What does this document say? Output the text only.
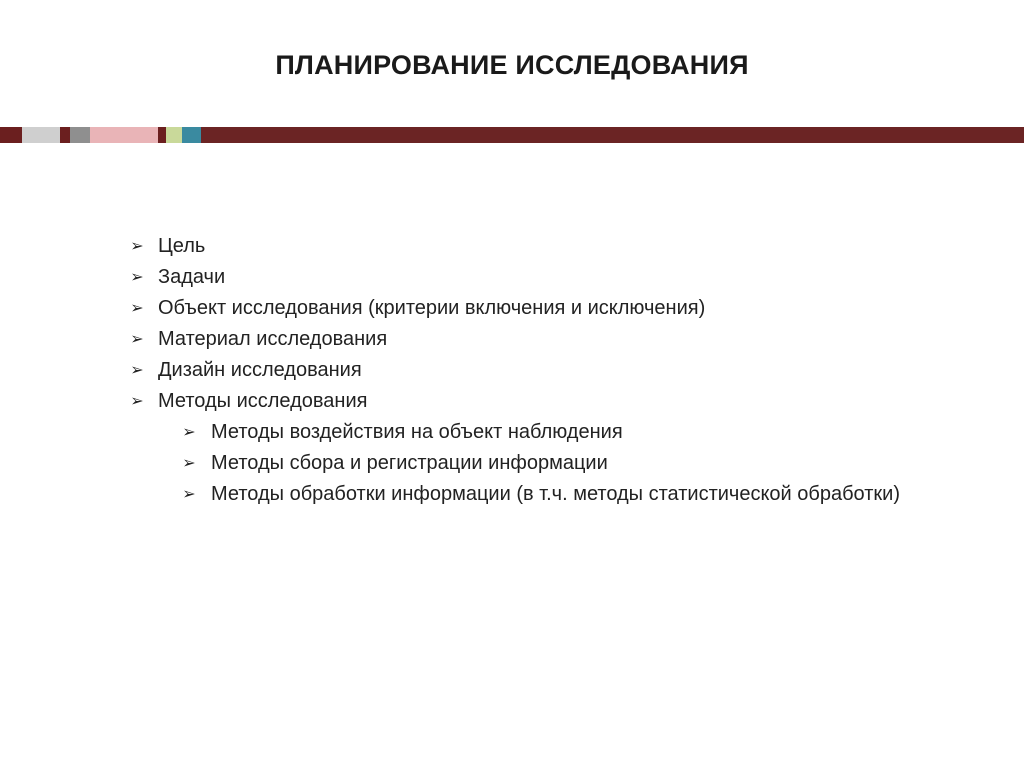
ПЛАНИРОВАНИЕ ИССЛЕДОВАНИЯ
➢ Цель
➢ Задачи
➢ Объект исследования (критерии включения и исключения)
➢ Материал исследования
➢ Дизайн исследования
➢ Методы исследования
➢ Методы воздействия на объект наблюдения
➢ Методы сбора и регистрации информации
➢ Методы обработки информации (в т.ч. методы статистической обработки)
